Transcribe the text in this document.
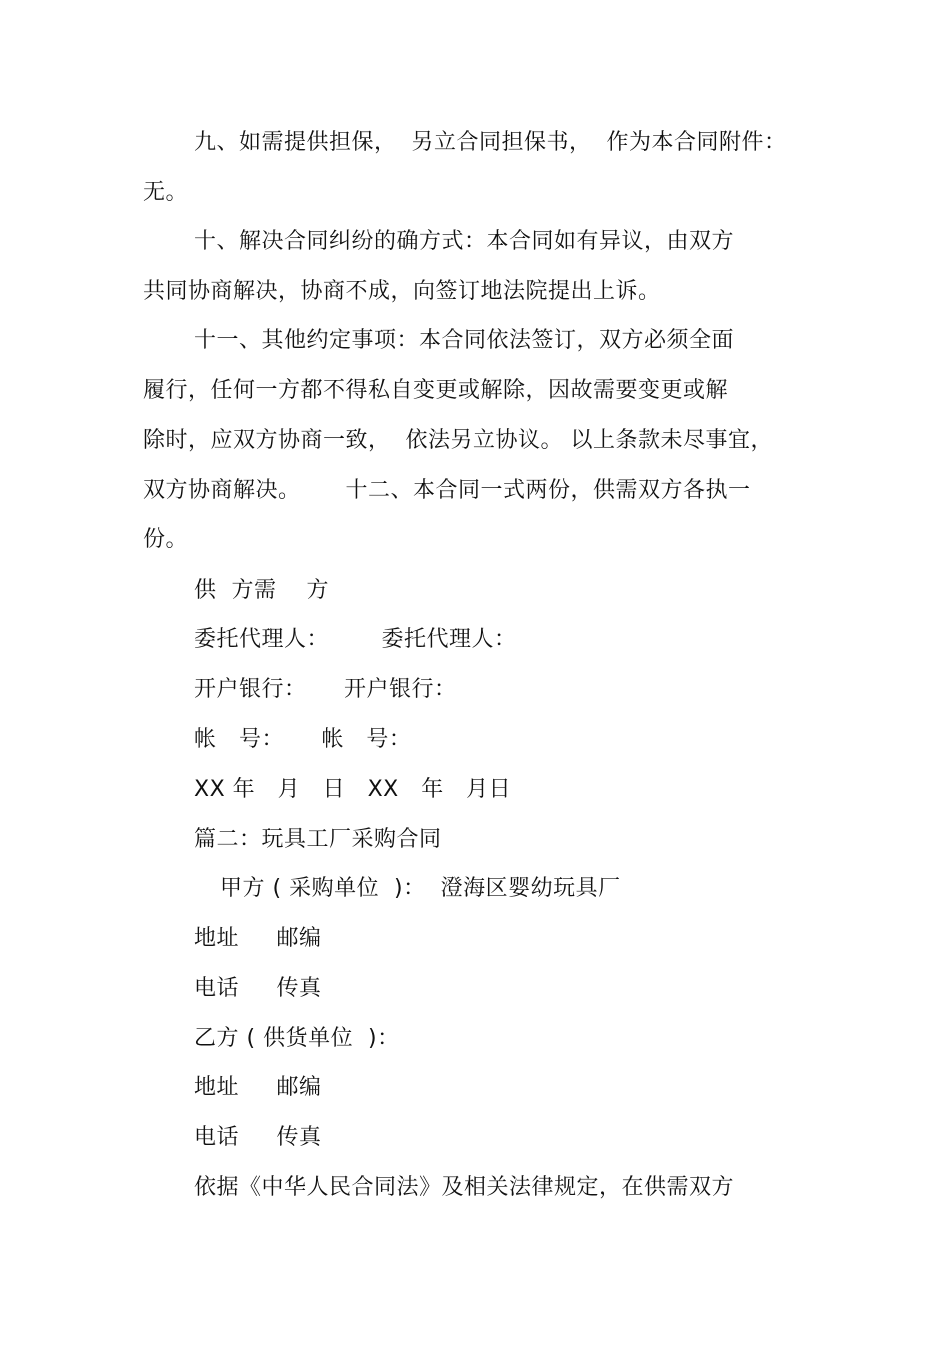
九、如需提供担保，  另立合同担保书，  作为本合同附件：
无。
十、解决合同纠纷的确方式：本合同如有异议，由双方
共同协商解决，协商不成，向签订地法院提出上诉。
十一、其他约定事项：本合同依法签订，双方必须全面
履行，任何一方都不得私自变更或解除，因故需要变更或解
除时，应双方协商一致，  依法另立协议。 以上条款未尽事宜，
双方协商解决。      十二、本合同一式两份，供需双方各执一
份。
供  方需    方
委托代理人：       委托代理人：
开户银行：     开户银行：
帐   号：     帐   号：
XX 年   月   日   XX   年   月日
篇二：玩具工厂采购合同
甲方 ( 采购单位  )：  澄海区婴幼玩具厂
地址     邮编
电话     传真
乙方 ( 供货单位  )：
地址     邮编
电话     传真
依据《中华人民合同法》及相关法律规定，在供需双方
